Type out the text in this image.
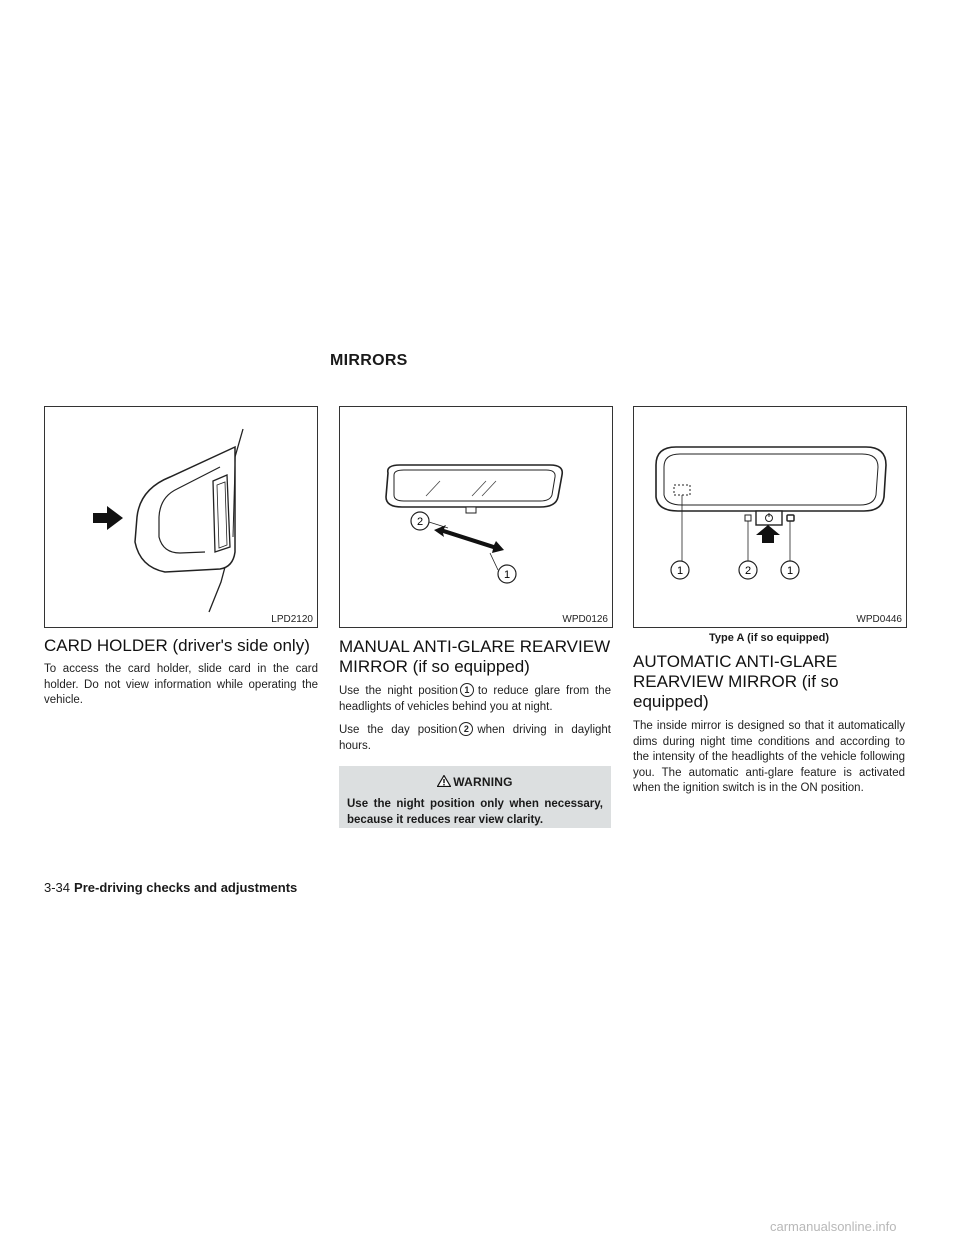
MIRRORS
LPD2120
2
1
WPD0126
1	2	1
WPD0446
Type A (if so equipped)
CARD HOLDER (driver's side only)

To access the card holder, slide card in the card holder. Do not view information while operating the vehicle.

MANUAL ANTI-GLARE REARVIEW
MIRROR (if so equipped)

Use the night position 1 to reduce glare from the headlights of vehicles behind you at night.

Use the day position 2 when driving in daylight hours.

WARNING
Use the night position only when necessary, because it reduces rear view clarity.
AUTOMATIC ANTI-GLARE
REARVIEW MIRROR (if so equipped)

The inside mirror is designed so that it automatically dims during night time conditions and according to the intensity of the headlights of the vehicle following you. The automatic anti-glare feature is activated when the ignition switch is in the ON position.

3-34 Pre-driving checks and adjustments
carmanualsonline.info
